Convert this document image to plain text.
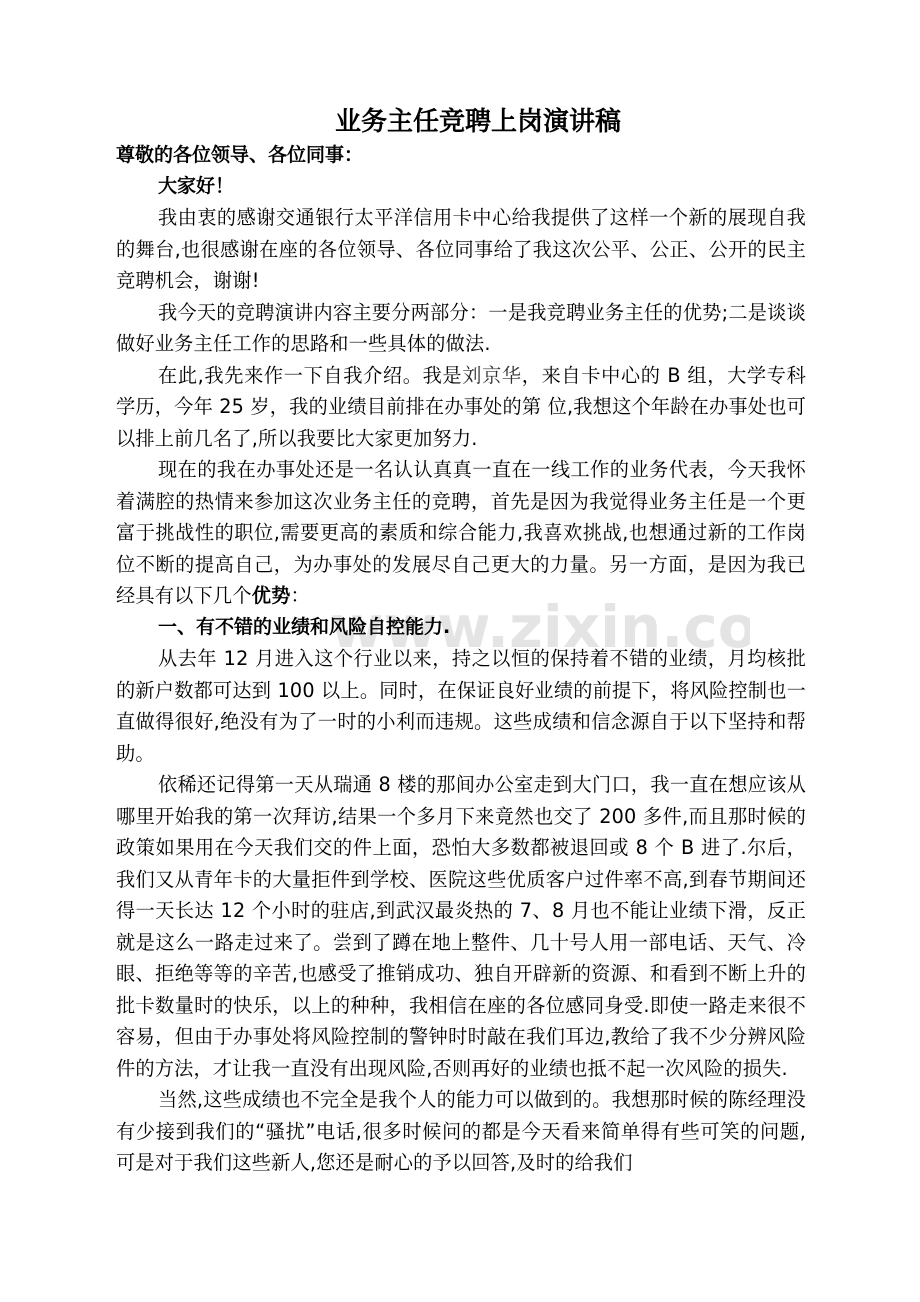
www.zixin.co
业务主任竞聘上岗演讲稿

尊敬的各位领导、各位同事：

大家好！

我由衷的感谢交通银行太平洋信用卡中心给我提供了这样一个新的展现自我的舞台,也很感谢在座的各位领导、各位同事给了我这次公平、公正、公开的民主竞聘机会，谢谢!

我今天的竞聘演讲内容主要分两部分：一是我竞聘业务主任的优势;二是谈谈做好业务主任工作的思路和一些具体的做法.

在此,我先来作一下自我介绍。我是刘京华，来自卡中心的 B 组，大学专科学历，今年 25 岁，我的业绩目前排在办事处的第 位,我想这个年龄在办事处也可以排上前几名了,所以我要比大家更加努力.

现在的我在办事处还是一名认认真真一直在一线工作的业务代表，今天我怀着满腔的热情来参加这次业务主任的竞聘，首先是因为我觉得业务主任是一个更富于挑战性的职位,需要更高的素质和综合能力,我喜欢挑战,也想通过新的工作岗位不断的提高自己，为办事处的发展尽自己更大的力量。另一方面，是因为我已经具有以下几个优势：

一、有不错的业绩和风险自控能力.

从去年 12 月进入这个行业以来，持之以恒的保持着不错的业绩，月均核批的新户数都可达到 100 以上。同时，在保证良好业绩的前提下，将风险控制也一直做得很好,绝没有为了一时的小利而违规。这些成绩和信念源自于以下坚持和帮助。

依稀还记得第一天从瑞通 8 楼的那间办公室走到大门口，我一直在想应该从哪里开始我的第一次拜访,结果一个多月下来竟然也交了 200 多件,而且那时候的政策如果用在今天我们交的件上面，恐怕大多数都被退回或 8 个 B 进了.尔后，我们又从青年卡的大量拒件到学校、医院这些优质客户过件率不高,到春节期间还得一天长达 12 个小时的驻店,到武汉最炎热的 7、8 月也不能让业绩下滑，反正就是这么一路走过来了。尝到了蹲在地上整件、几十号人用一部电话、天气、冷眼、拒绝等等的辛苦,也感受了推销成功、独自开辟新的资源、和看到不断上升的批卡数量时的快乐，以上的种种，我相信在座的各位感同身受.即使一路走来很不容易，但由于办事处将风险控制的警钟时时敲在我们耳边,教给了我不少分辨风险件的方法，才让我一直没有出现风险,否则再好的业绩也抵不起一次风险的损失.

当然,这些成绩也不完全是我个人的能力可以做到的。我想那时候的陈经理没有少接到我们的“骚扰”电话,很多时候问的都是今天看来简单得有些可笑的问题,可是对于我们这些新人,您还是耐心的予以回答,及时的给我们
